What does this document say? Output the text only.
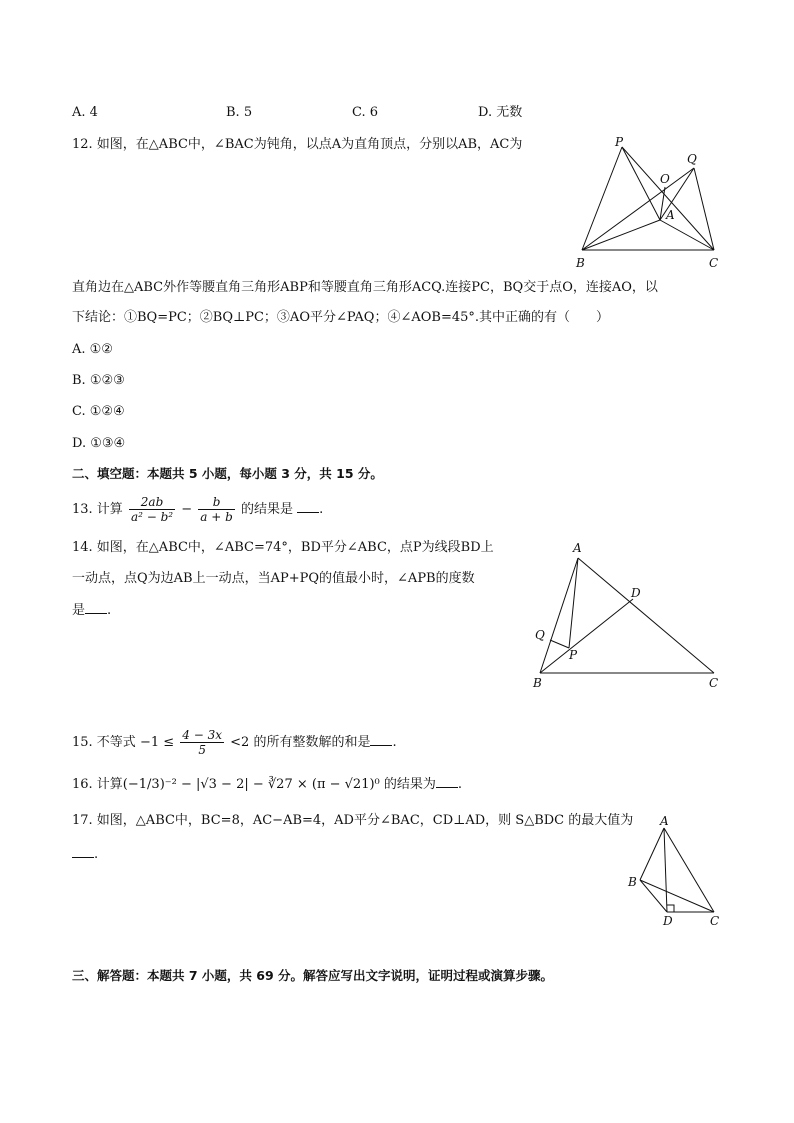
A. 4	B. 5	C. 6	D. 无数
12. 如图，在△ABC中，∠BAC为钝角，以点A为直角顶点，分别以AB，AC为	P
Q
O
A
B	C
直角边在△ABC外作等腰直角三角形ABP和等腰直角三角形ACQ.连接PC，BQ交于点O，连接AO，以
下结论：①BQ=PC；②BQ⊥PC；③AO平分∠PAQ；④∠AOB=45°.其中正确的有（　　）
A. ①②
B. ①②③
C. ①②④
D. ①③④
二、填空题：本题共 5 小题，每小题 3 分，共 15 分。
13. 计算 $\frac{2ab}{\text{a² − b²}} - \frac{b}{a + b}$ 的结果是 .
14. 如图，在△ABC中，∠ABC=74°，BD平分∠ABC，点P为线段BD上
一动点，点Q为边AB上一动点，当AP+PQ的值最小时，∠APB的度数
是 .
A
D
Q
P
B	C
15. 不等式 $-1 \le \frac{4 - 3x}{5} <2$ 的所有整数解的和是 .
16. 计算(−1/3)⁻² − |√3 − 2| − ∛27 × (π − √21)⁰ 的结果为 .
17. 如图，△ABC中，BC=8，AC−AB=4，AD平分∠BAC，CD⊥AD，则 S△BDC 的最大值为
.
A
B
D	C
三、解答题：本题共 7 小题，共 69 分。解答应写出文字说明，证明过程或演算步骤。
